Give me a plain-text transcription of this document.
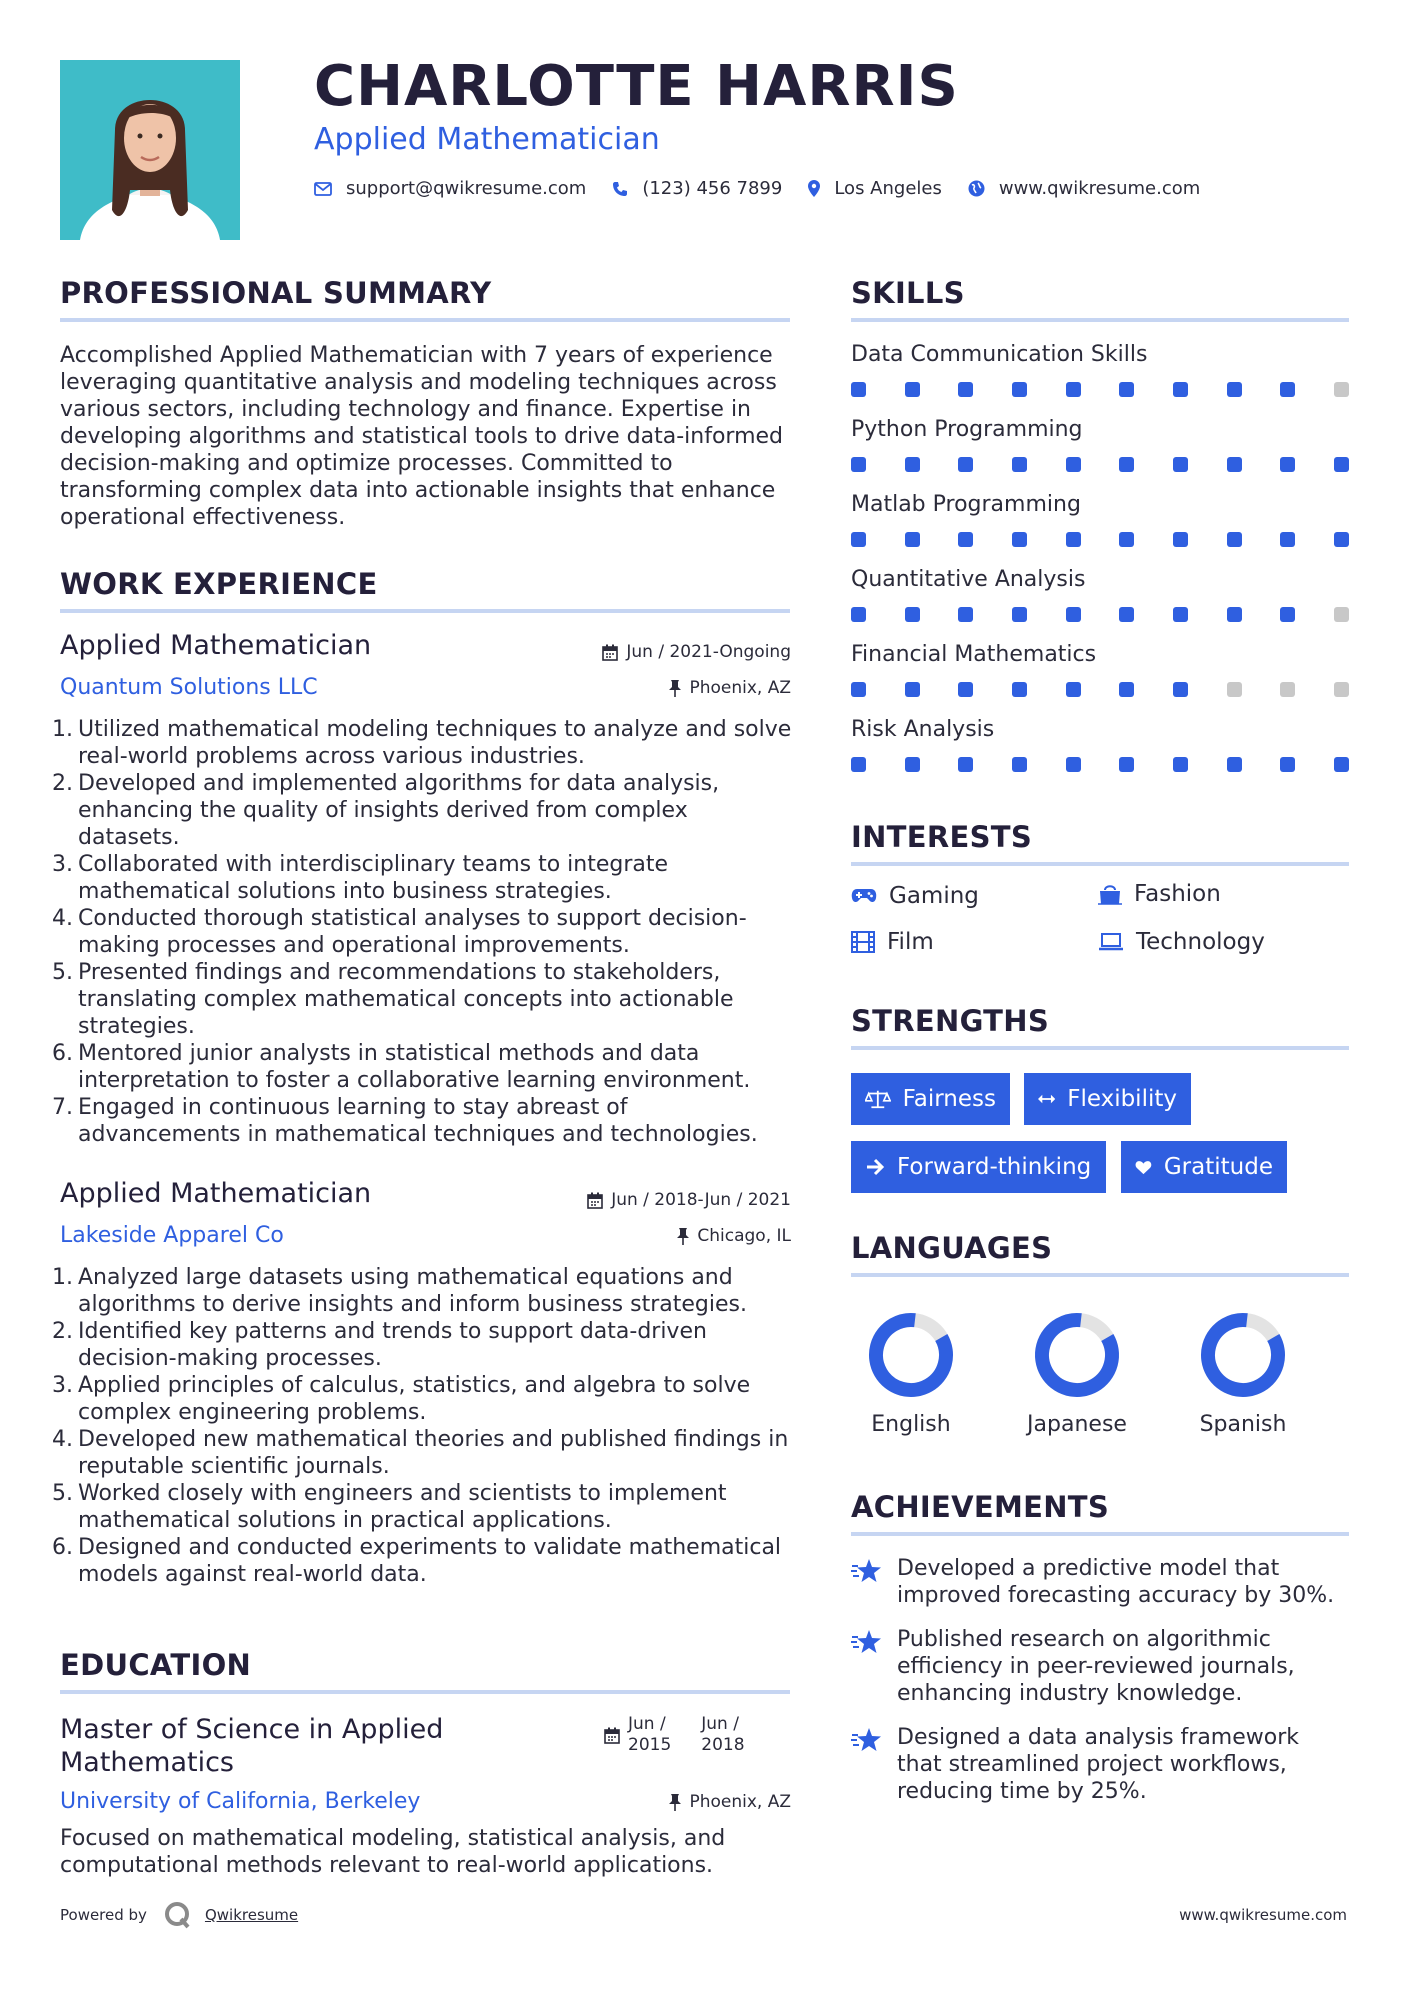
CHARLOTTE HARRIS
Applied Mathematician
support@qwikresume.com	(123) 456 7899	Los Angeles	www.qwikresume.com
PROFESSIONAL SUMMARY
Accomplished Applied Mathematician with 7 years of experience leveraging quantitative analysis and modeling techniques across various sectors, including technology and finance. Expertise in developing algorithms and statistical tools to drive data-informed decision-making and optimize processes. Committed to transforming complex data into actionable insights that enhance operational effectiveness.
WORK EXPERIENCE
Applied Mathematician	Jun / 2021-Ongoing
Quantum Solutions LLC	Phoenix, AZ
1. Utilized mathematical modeling techniques to analyze and solve real-world problems across various industries.
2. Developed and implemented algorithms for data analysis, enhancing the quality of insights derived from complex datasets.
3. Collaborated with interdisciplinary teams to integrate mathematical solutions into business strategies.
4. Conducted thorough statistical analyses to support decision-making processes and operational improvements.
5. Presented findings and recommendations to stakeholders, translating complex mathematical concepts into actionable strategies.
6. Mentored junior analysts in statistical methods and data interpretation to foster a collaborative learning environment.
7. Engaged in continuous learning to stay abreast of advancements in mathematical techniques and technologies.
Applied Mathematician	Jun / 2018-Jun / 2021
Lakeside Apparel Co	Chicago, IL
1. Analyzed large datasets using mathematical equations and algorithms to derive insights and inform business strategies.
2. Identified key patterns and trends to support data-driven decision-making processes.
3. Applied principles of calculus, statistics, and algebra to solve complex engineering problems.
4. Developed new mathematical theories and published findings in reputable scientific journals.
5. Worked closely with engineers and scientists to implement mathematical solutions in practical applications.
6. Designed and conducted experiments to validate mathematical models against real-world data.
EDUCATION
Master of Science in Applied
Mathematics
Jun /
2015
Jun /
2018
University of California, Berkeley	Phoenix, AZ
Focused on mathematical modeling, statistical analysis, and computational methods relevant to real-world applications.
SKILLS
Data Communication Skills
Python Programming
Matlab Programming
Quantitative Analysis
Financial Mathematics
Risk Analysis
INTERESTS
Gaming	Fashion
Film	Technology
STRENGTHS
Fairness	Flexibility
Forward-thinking	Gratitude
LANGUAGES
English	Japanese	Spanish
ACHIEVEMENTS
Developed a predictive model that improved forecasting accuracy by 30%.
Published research on algorithmic efficiency in peer-reviewed journals, enhancing industry knowledge.
Designed a data analysis framework that streamlined project workflows, reducing time by 25%.
Powered by	Qwikresume	www.qwikresume.com
